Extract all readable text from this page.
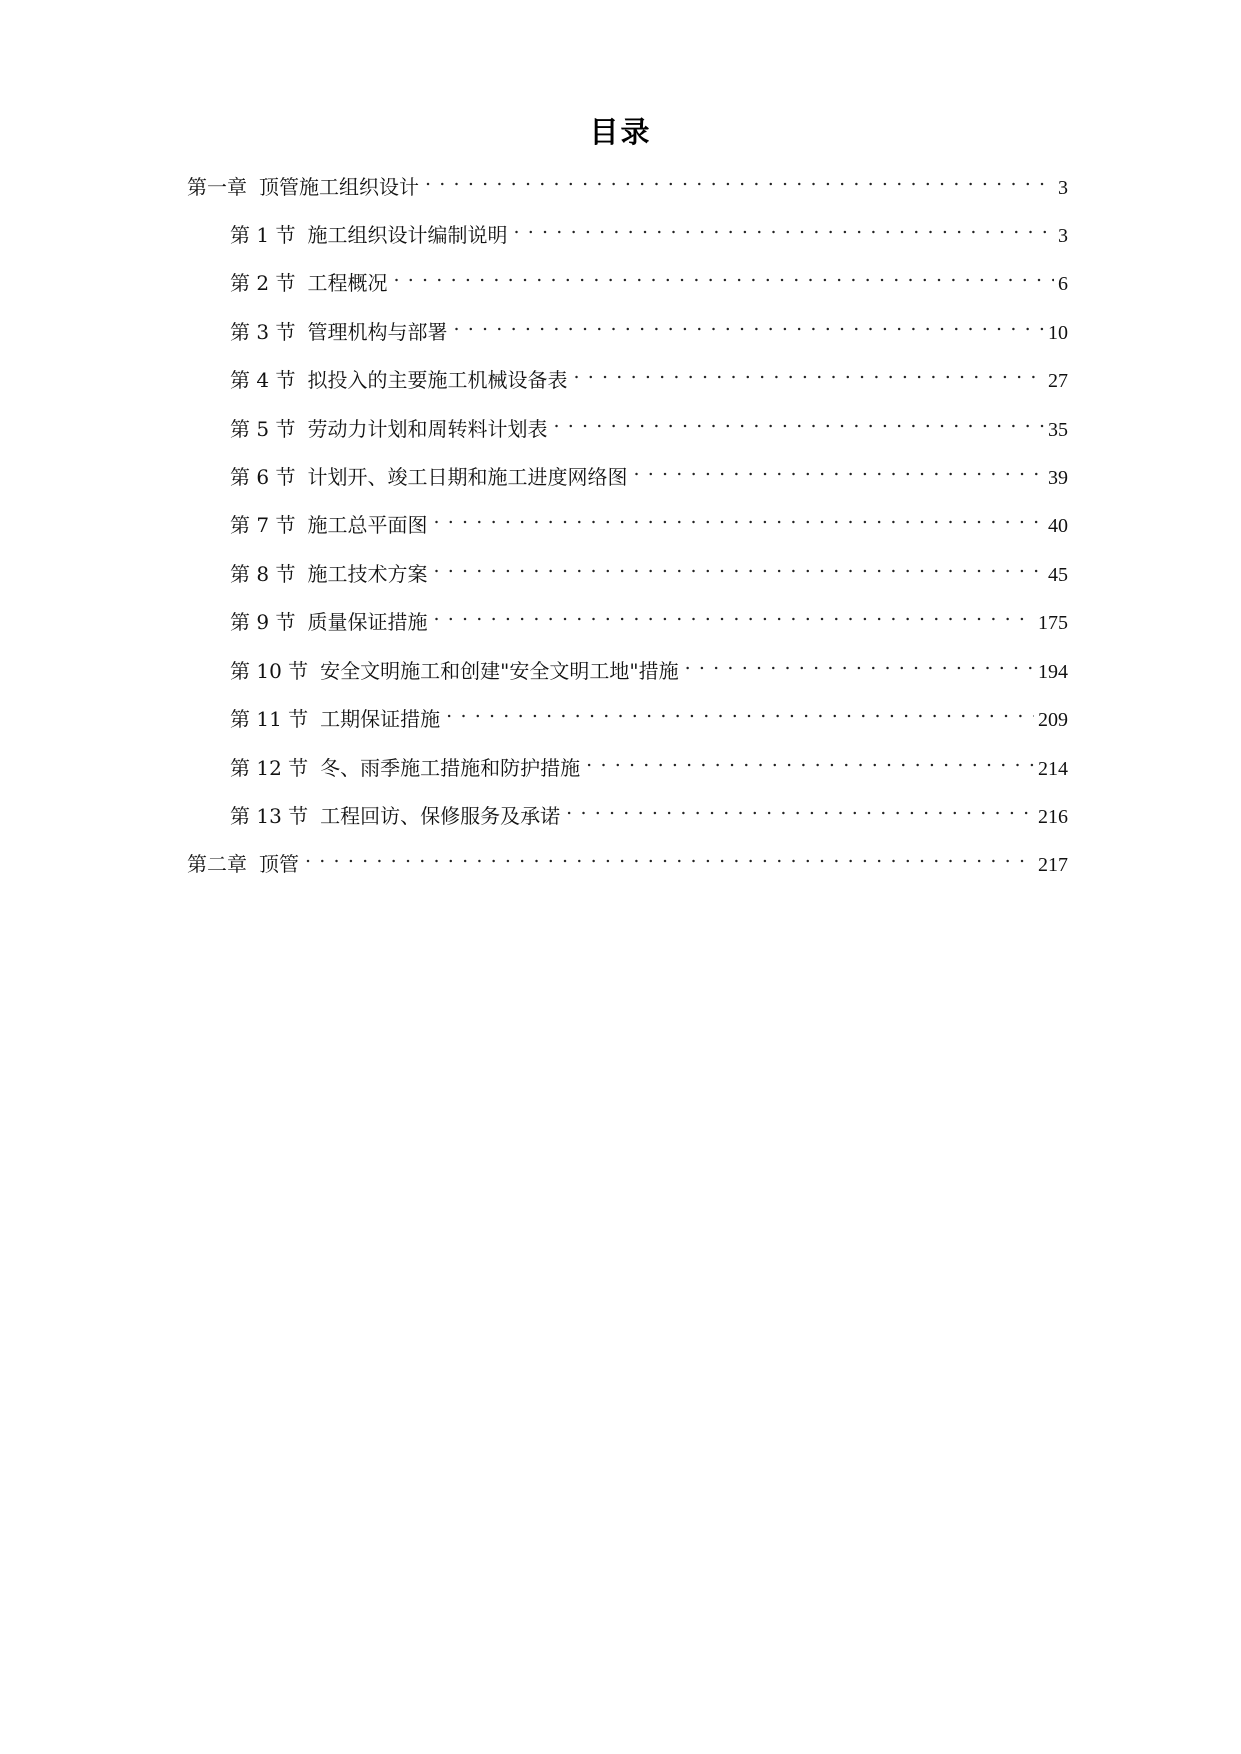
目录
第一章 顶管施工组织设计 . . .	3
第 1 节 施工组织设计编制说明 . . .	3
第 2 节 工程概况 . . .	6
第 3 节 管理机构与部署 . . .	10
第 4 节 拟投入的主要施工机械设备表 . . .	27
第 5 节 劳动力计划和周转料计划表 . . .	35
第 6 节 计划开、竣工日期和施工进度网络图 . . .	39
第 7 节 施工总平面图 . . .	40
第 8 节 施工技术方案 . . .	45
第 9 节 质量保证措施 . . .	175
第 10 节 安全文明施工和创建"安全文明工地"措施 . . .	194
第 11 节 工期保证措施 . . .	209
第 12 节 冬、雨季施工措施和防护措施 . . .	214
第 13 节 工程回访、保修服务及承诺 . . .	216
第二章 顶管 . . .	217
